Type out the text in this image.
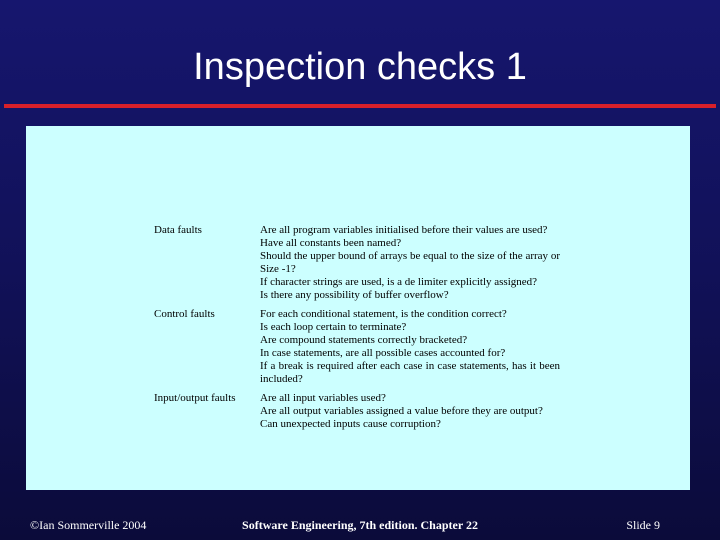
Inspection checks 1
Data faults	Are all program variables initialised before their values are used?
Have all constants been named?
Should the upper bound of arrays be equal to the size of the array or Size -1?
If character strings are used, is a de limiter explicitly assigned?
Is there any possibility of buffer overflow?
Control faults	For each conditional statement, is the condition correct?
Is each loop certain to terminate?
Are compound statements correctly bracketed?
In case statements, are all possible cases accounted for?
If a break is required after each case in case statements, has it been included?
Input/output faults	Are all input variables used?
Are all output variables assigned a value before they are output?
Can unexpected inputs cause corruption?
©Ian Sommerville 2004	Software Engineering, 7th edition. Chapter 22	Slide 9
